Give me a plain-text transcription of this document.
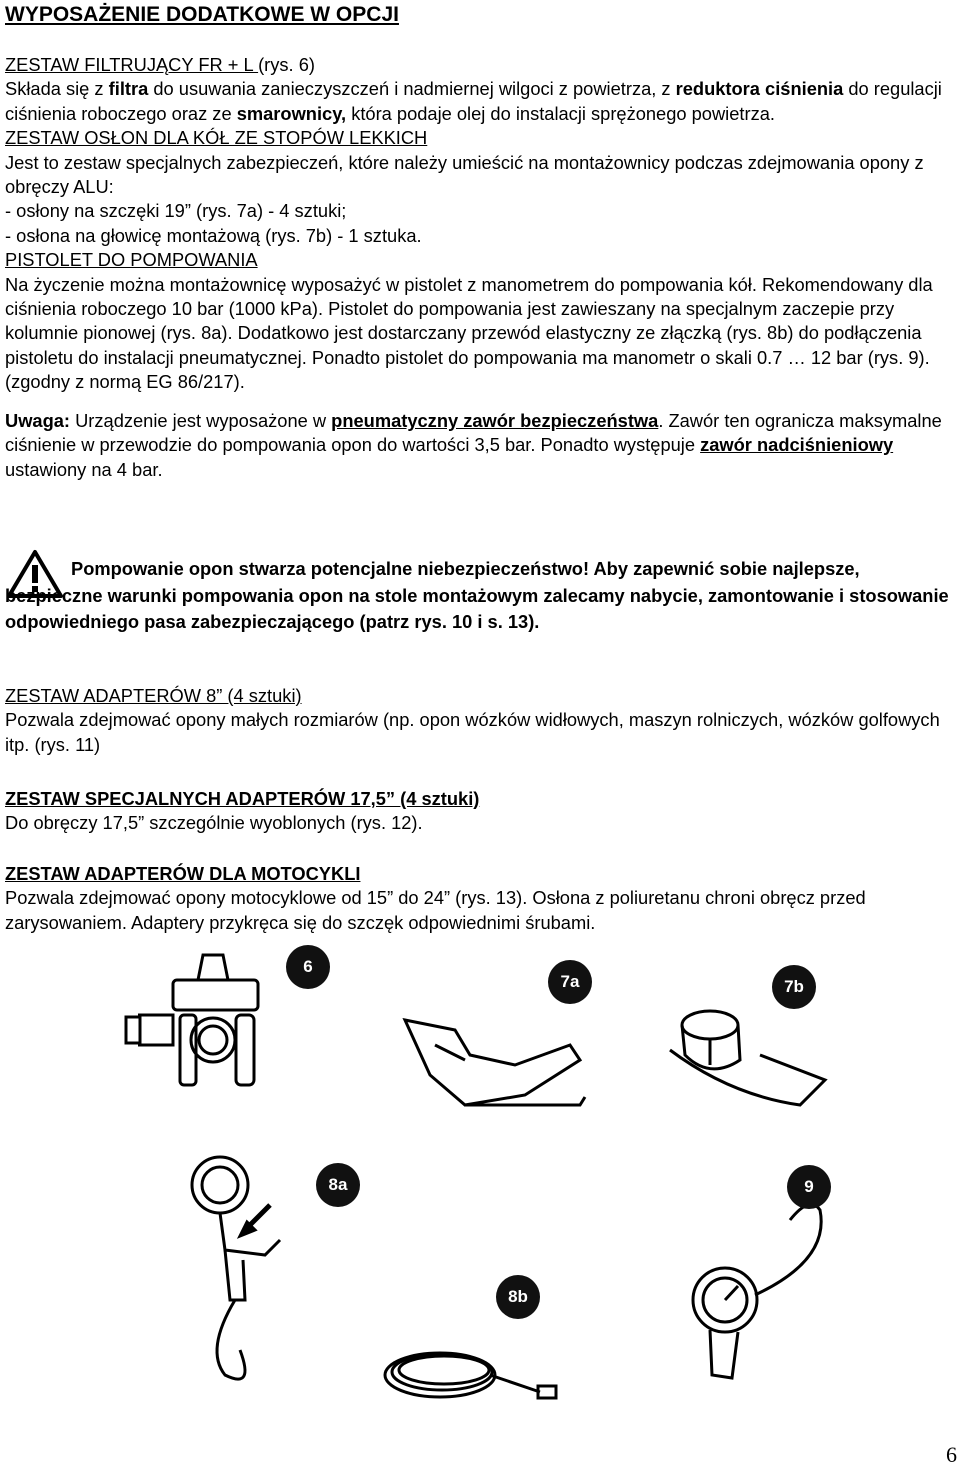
WYPOSAŻENIE DODATKOWE W OPCJI

ZESTAW FILTRUJĄCY FR + L (rys. 6)

Składa się z filtra do usuwania zanieczyszczeń i nadmiernej wilgoci z powietrza, z reduktora ciśnienia do regulacji ciśnienia roboczego oraz ze smarownicy, która podaje olej do instalacji sprężonego powietrza.

ZESTAW OSŁON DLA KÓŁ ZE STOPÓW LEKKICH

Jest to zestaw specjalnych zabezpieczeń, które należy umieścić na montażownicy podczas zdejmowania opony z obręczy ALU:

- osłony na szczęki 19” (rys. 7a) - 4 sztuki;

- osłona na głowicę montażową (rys. 7b) - 1 sztuka.

PISTOLET DO POMPOWANIA

Na życzenie można montażownicę wyposażyć w pistolet z manometrem do pompowania kół. Rekomendowany dla ciśnienia roboczego 10 bar (1000 kPa). Pistolet do pompowania jest zawieszany na specjalnym zaczepie przy kolumnie pionowej (rys. 8a). Dodatkowo jest dostarczany przewód elastyczny ze złączką (rys. 8b) do podłączenia pistoletu do instalacji pneumatycznej. Ponadto pistolet do pompowania ma manometr o skali 0.7 … 12 bar (rys. 9). (zgodny z normą EG 86/217).

Uwaga: Urządzenie jest wyposażone w pneumatyczny zawór bezpieczeństwa. Zawór ten ogranicza maksymalne ciśnienie w przewodzie do pompowania opon do wartości 3,5 bar. Ponadto występuje zawór nadciśnieniowy ustawiony na 4 bar.

Pompowanie opon stwarza potencjalne niebezpieczeństwo! Aby zapewnić sobie najlepsze, bezpieczne warunki pompowania opon na stole montażowym zalecamy nabycie, zamontowanie i stosowanie odpowiedniego pasa zabezpieczającego (patrz rys. 10 i s. 13).

ZESTAW ADAPTERÓW 8” (4 sztuki)

Pozwala zdejmować opony małych rozmiarów (np. opon wózków widłowych, maszyn rolniczych, wózków golfowych itp. (rys. 11)

ZESTAW SPECJALNYCH ADAPTERÓW 17,5” (4 sztuki)

Do obręczy 17,5” szczególnie wyoblonych (rys. 12).

ZESTAW ADAPTERÓW DLA MOTOCYKLI

Pozwala zdejmować opony motocyklowe od 15” do 24” (rys. 13). Osłona z poliuretanu chroni obręcz przed zarysowaniem. Adaptery przykręca się do szczęk odpowiednimi śrubami.

6
7a	7b
8a
8b
9
6
